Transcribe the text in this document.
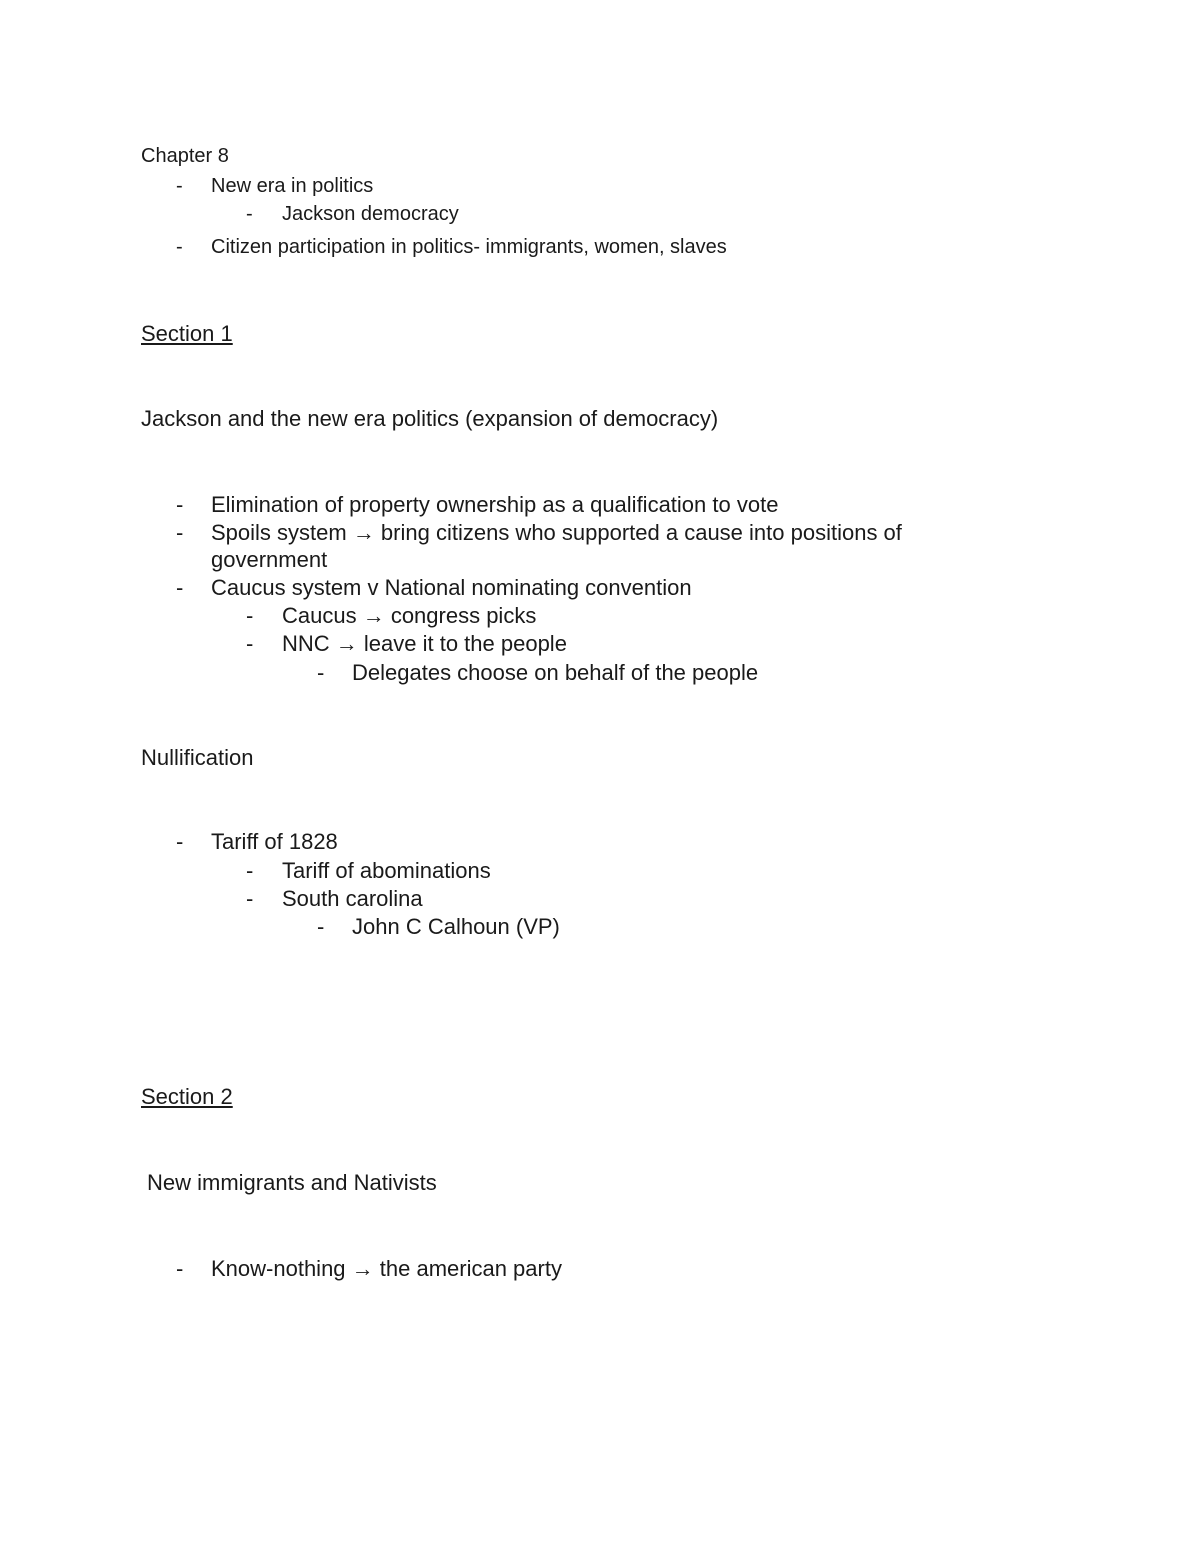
Chapter 8
- New era in politics
- Jackson democracy
- Citizen participation in politics- immigrants, women, slaves
Section 1
Jackson and the new era politics (expansion of democracy)
- Elimination of property ownership as a qualification to vote
- Spoils system → bring citizens who supported a cause into positions of
government
- Caucus system v National nominating convention
- Caucus → congress picks
- NNC → leave it to the people
- Delegates choose on behalf of the people
Nullification
- Tariff of 1828
- Tariff of abominations
- South carolina
- John C Calhoun (VP)
Section 2
New immigrants and Nativists
- Know-nothing → the american party
